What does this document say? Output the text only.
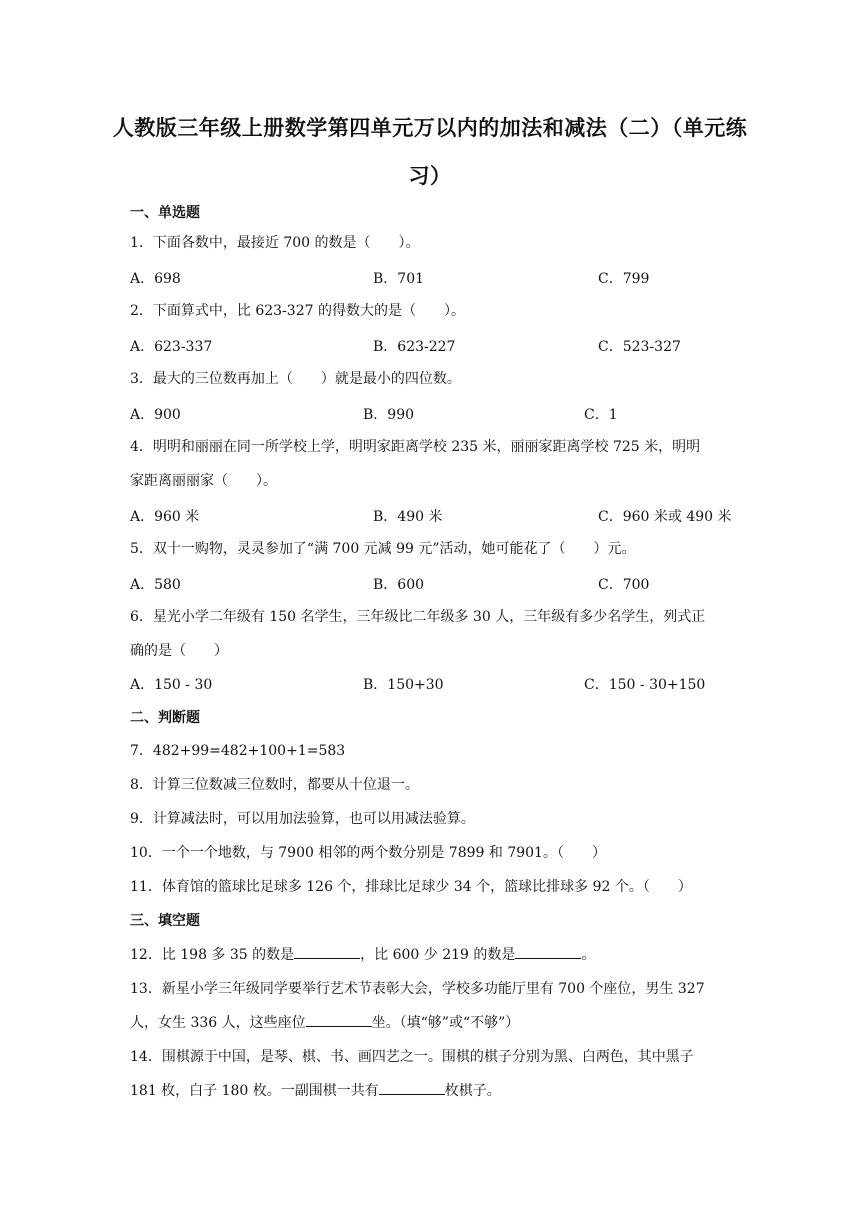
人教版三年级上册数学第四单元万以内的加法和减法（二）（单元练
习）
一、单选题
1．下面各数中，最接近 700 的数是（　　）。
A．698	B．701	C．799
2．下面算式中，比 623-327 的得数大的是（　　）。
A．623-337	B．623-227	C．523-327
3．最大的三位数再加上（　　）就是最小的四位数。
A．900	B．990	C．1
4．明明和丽丽在同一所学校上学，明明家距离学校 235 米，丽丽家距离学校 725 米，明明
家距离丽丽家（　　）。
A．960 米	B．490 米	C．960 米或 490 米
5．双十一购物，灵灵参加了“满 700 元减 99 元”活动，她可能花了（　　）元。
A．580	B．600	C．700
6．星光小学二年级有 150 名学生，三年级比二年级多 30 人，三年级有多少名学生，列式正
确的是（　　）
A．150 - 30	B．150+30	C．150 - 30+150
二、判断题
7．482+99=482+100+1=583
8．计算三位数减三位数时，都要从十位退一。
9．计算减法时，可以用加法验算，也可以用减法验算。
10．一个一个地数，与 7900 相邻的两个数分别是 7899 和 7901。（　　）
11．体育馆的篮球比足球多 126 个，排球比足球少 34 个，篮球比排球多 92 个。（　　）
三、填空题
12．比 198 多 35 的数是	，比 600 少 219 的数是	。
13．新星小学三年级同学要举行艺术节表彰大会，学校多功能厅里有 700 个座位，男生 327
人，女生 336 人，这些座位	坐。（填“够”或“不够”）
14．围棋源于中国，是琴、棋、书、画四艺之一。围棋的棋子分别为黑、白两色，其中黑子
181 枚，白子 180 枚。一副围棋一共有	枚棋子。
